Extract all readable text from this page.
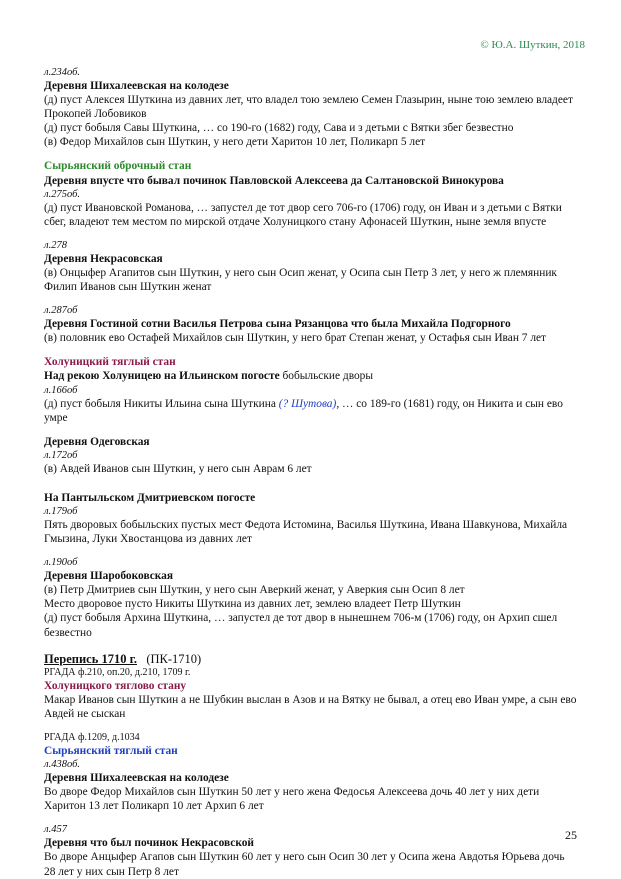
© Ю.А. Шуткин, 2018
л.234об.
Деревня Шихалеевская на колодезе
(д) пуст Алексея Шуткина из давних лет, что владел тою землею Семен Глазырин, ныне тою землею владеет
Прокопей Лобовиков
(д) пуст бобыля Савы Шуткина, … со 190-го (1682) году, Сава и з детьми с Вятки збег безвестно
(в) Федор Михайлов сын Шуткин, у него дети Харитон 10 лет, Поликарп 5 лет
Сырьянский оброчный стан
Деревня впусте что бывал починок Павловской Алексеева да Салтановской Винокурова
л.275об.
(д) пуст Ивановской Романова, … запустел де тот двор сего 706-го (1706) году, он Иван и з детьми с Вятки
сбег, владеют тем местом по мирской отдаче Холуницкого стану Афонасей Шуткин, ныне земля впусте
л.278
Деревня Некрасовская
(в) Онцыфер Агапитов сын Шуткин, у него сын Осип женат, у Осипа сын Петр 3 лет, у него ж племянник
Филип Иванов сын Шуткин женат
л.287об
Деревня Гостиной сотни Василья Петрова сына Рязанцова что была Михайла Подгорного
(в) половник ево Остафей Михайлов сын Шуткин, у него брат Степан женат, у Остафья сын Иван 7 лет
Холуницкий тяглый стан
Над рекою Холуницею на Ильинском погосте бобыльские дворы
л.166об
(д) пуст бобыля Никиты Ильина сына Шуткина (? Шутова), … со 189-го (1681) году, он Никита и сын ево
умре
Деревня Одеговская
л.172об
(в) Авдей Иванов сын Шуткин, у него сын Аврам 6 лет
На Пантыльском Дмитриевском погосте
л.179об
Пять дворовых бобыльских пустых мест Федота Истомина, Василья Шуткина, Ивана Шавкунова, Михайла
Гмызина, Луки Хвостанцова из давних лет
л.190об
Деревня Шаробоковская
(в) Петр Дмитриев сын Шуткин, у него сын Аверкий женат, у Аверкия сын Осип 8 лет
Место дворовое пусто Никиты Шуткина из давних лет, землею владеет Петр Шуткин
(д) пуст бобыля Архина Шуткина, … запустел де тот двор в нынешнем 706-м (1706) году, он Архип сшел
безвестно
Перепись 1710 г. (ПК-1710)
РГАДА ф.210, оп.20, д.210, 1709 г.
Холуницкого тяглово стану
Макар Иванов сын Шуткин а не Шубкин выслан в Азов и на Вятку не бывал, а отец ево Иван умре, а сын ево
Авдей не сыскан
РГАДА ф.1209, д.1034
Сырьянский тяглый стан
л.438об.
Деревня Шихалеевская на колодезе
Во дворе Федор Михайлов сын Шуткин 50 лет у него жена Федосья Алексеева дочь 40 лет у них дети
Харитон 13 лет Поликарп 10 лет Архип 6 лет
л.457
Деревня что был починок Некрасовской
Во дворе Анцыфер Агапов сын Шуткин 60 лет у него сын Осип 30 лет у Осипа жена Авдотья Юрьева дочь
28 лет у них сын Петр 8 лет
25
